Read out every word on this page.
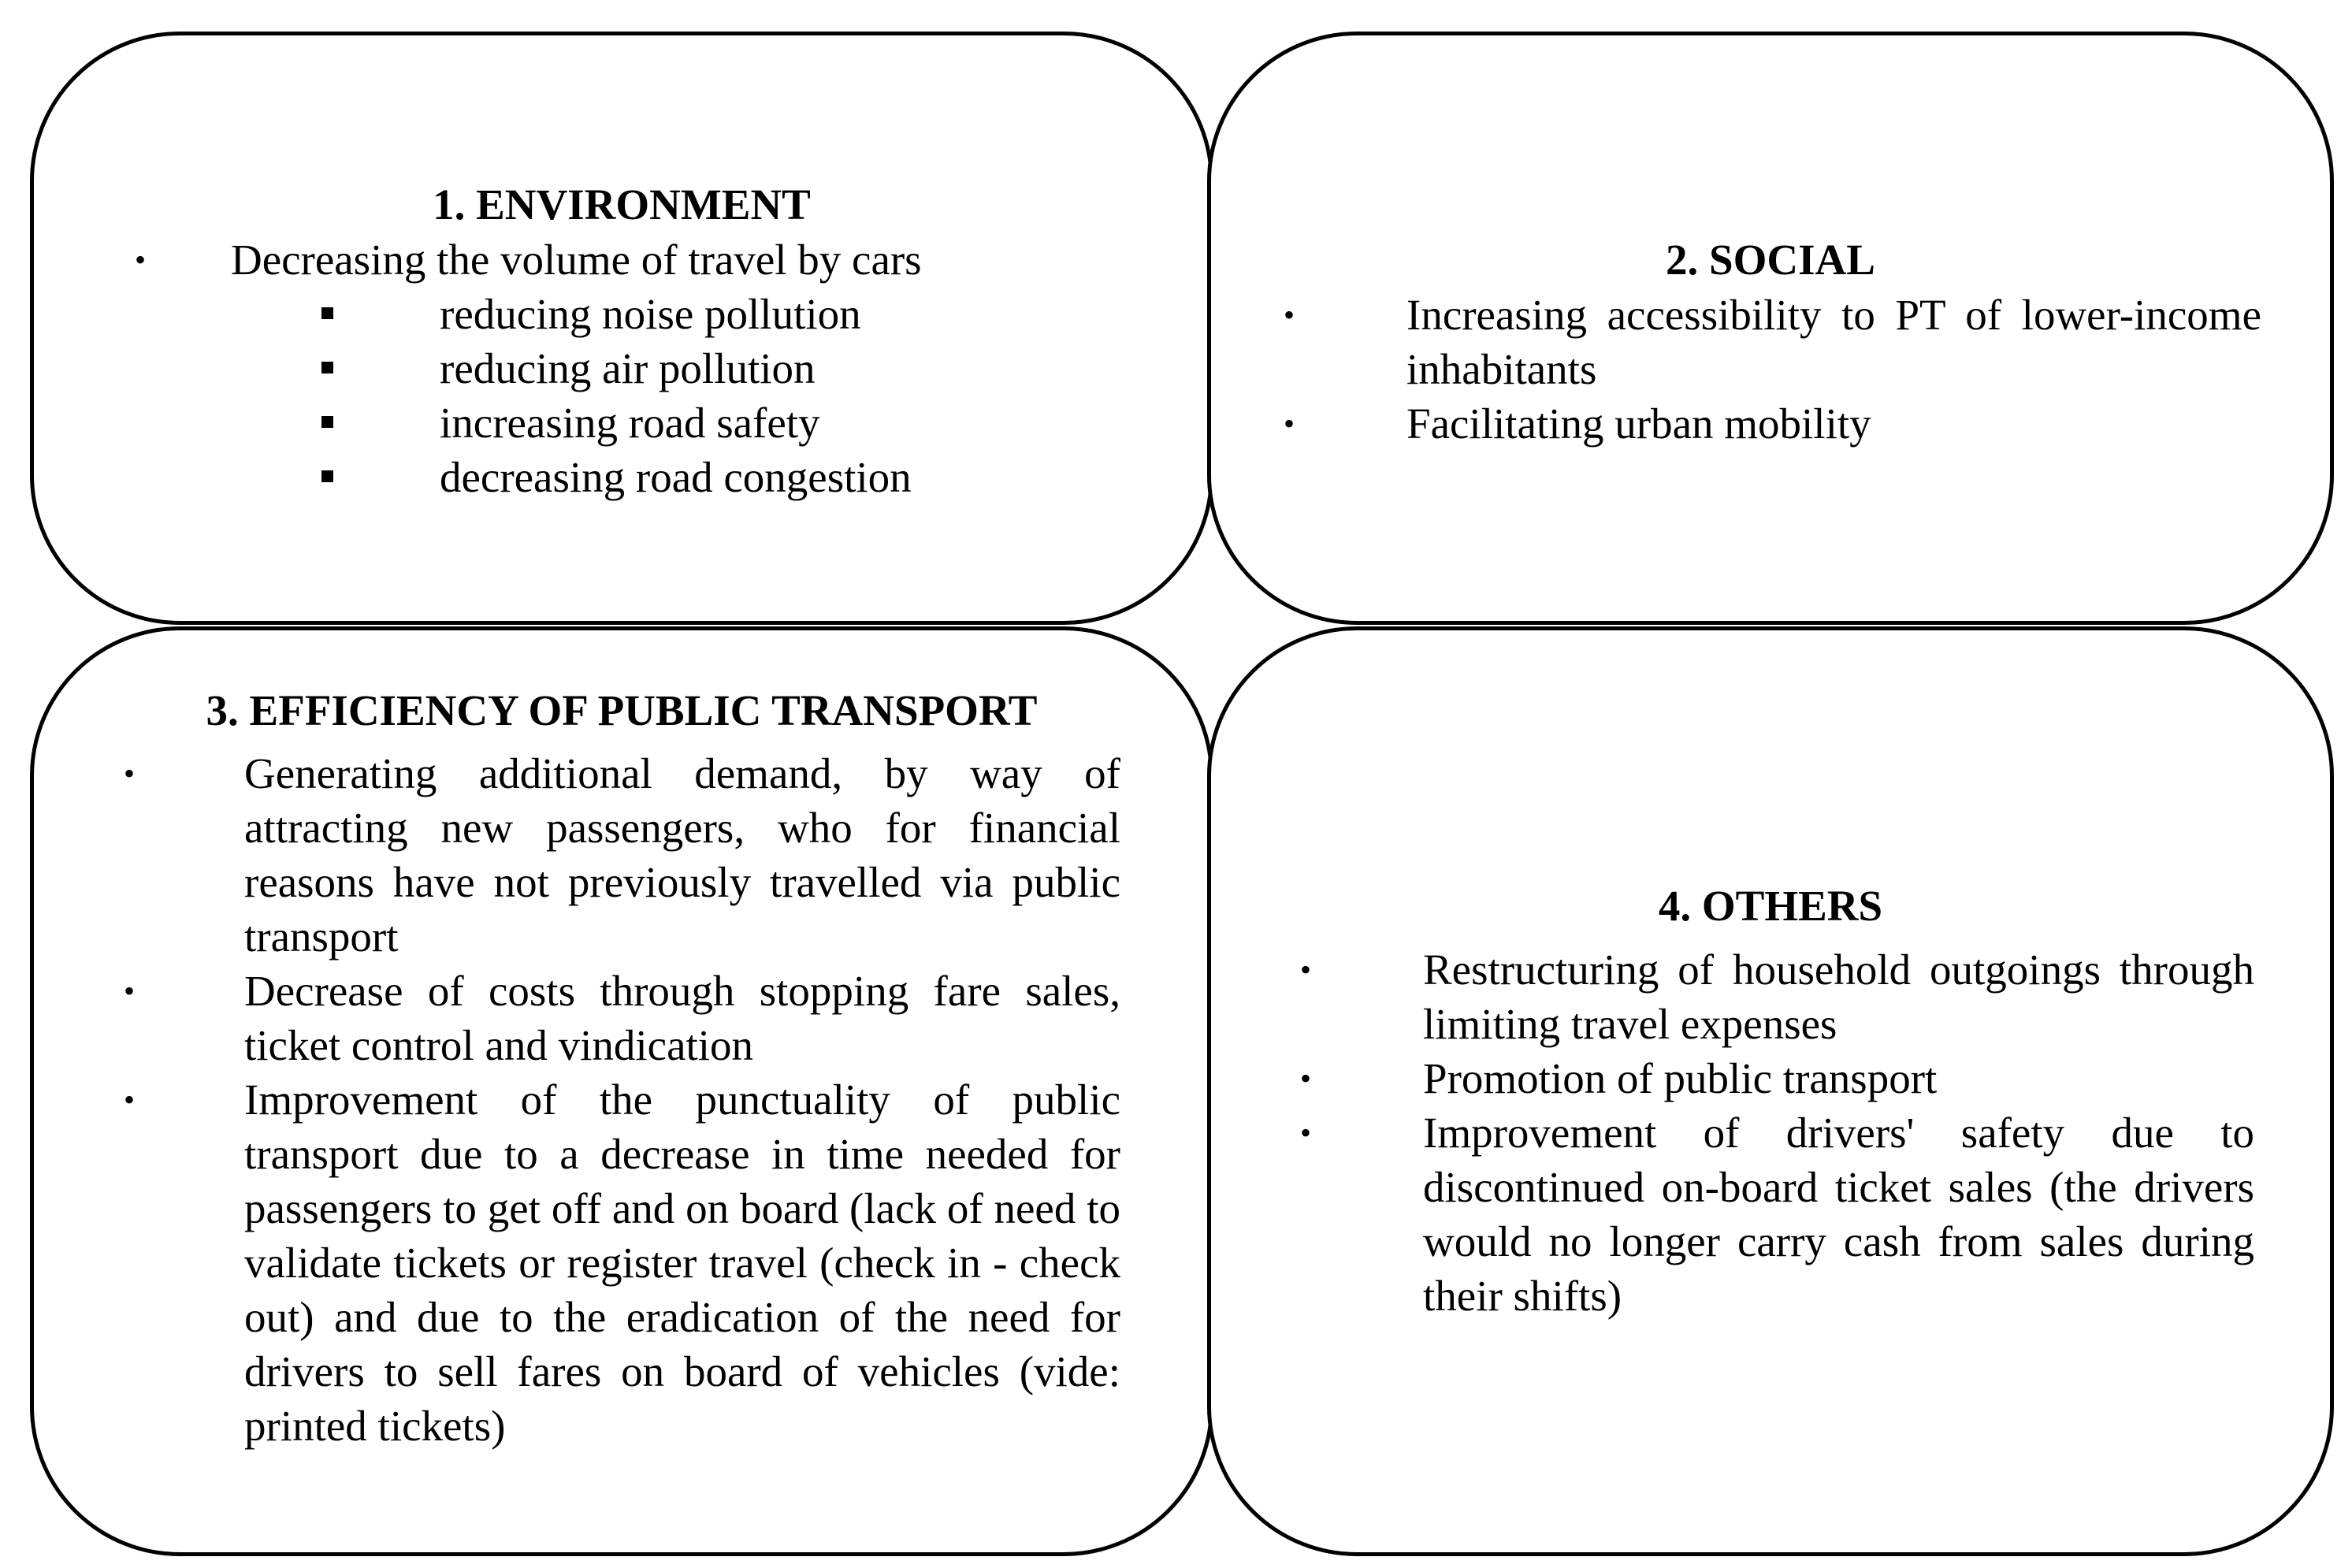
1. ENVIRONMENT
• Decreasing the volume of travel by cars
reducing noise pollution
reducing air pollution
increasing road safety
decreasing road congestion
2. SOCIAL
•	Increasing accessibility to PT of lower-income inhabitants
•	Facilitating urban mobility
3. EFFICIENCY OF PUBLIC TRANSPORT
•	Generating additional demand, by way of attracting new passengers, who for financial reasons have not previously travelled via public transport
•	Decrease of costs through stopping fare sales, ticket control and vindication
•	Improvement of the punctuality of public transport due to a decrease in time needed for passengers to get off and on board (lack of need to validate tickets or register travel (check in - check out) and due to the eradication of the need for drivers to sell fares on board of vehicles (vide: printed tickets)
4. OTHERS
•	Restructuring of household outgoings through limiting travel expenses
•	Promotion of public transport
•	Improvement of drivers' safety due to discontinued on-board ticket sales (the drivers would no longer carry cash from sales during their shifts)
